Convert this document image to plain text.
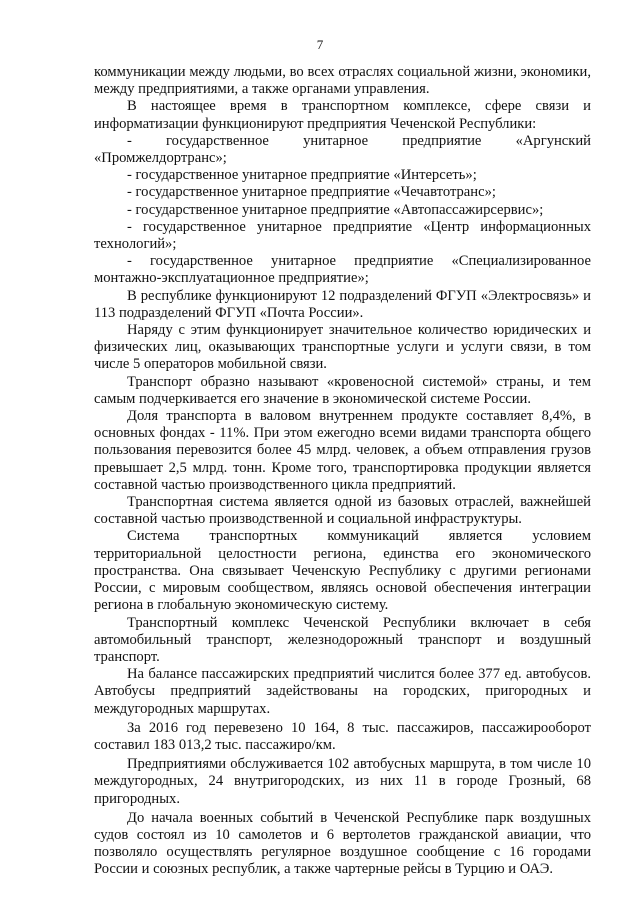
7

коммуникации между людьми, во всех отраслях социальной жизни, экономики, между предприятиями, а также органами управления.

В настоящее время в транспортном комплексе, сфере связи и информатизации функционируют предприятия Чеченской Республики:

- государственное унитарное предприятие «Аргунский «Промжелдортранс»;

- государственное унитарное предприятие «Интерсеть»;

- государственное унитарное предприятие «Чечавтотранс»;

- государственное унитарное предприятие «Автопассажирсервис»;

- государственное унитарное предприятие «Центр информационных технологий»;

- государственное унитарное предприятие «Специализированное монтажно-эксплуатационное предприятие»;

В республике функционируют 12 подразделений ФГУП «Электросвязь» и 113 подразделений ФГУП «Почта России».

Наряду с этим функционирует значительное количество юридических и физических лиц, оказывающих транспортные услуги и услуги связи, в том числе 5 операторов мобильной связи.

Транспорт образно называют «кровеносной системой» страны, и тем самым подчеркивается его значение в экономической системе России.

Доля транспорта в валовом внутреннем продукте составляет 8,4%, в основных фондах - 11%. При этом ежегодно всеми видами транспорта общего пользования перевозится более 45 млрд. человек, а объем отправления грузов превышает 2,5 млрд. тонн. Кроме того, транспортировка продукции является составной частью производственного цикла предприятий.

Транспортная система является одной из базовых отраслей, важнейшей составной частью производственной и социальной инфраструктуры.

Система транспортных коммуникаций является условием территориальной целостности региона, единства его экономического пространства. Она связывает Чеченскую Республику с другими регионами России, с мировым сообществом, являясь основой обеспечения интеграции региона в глобальную экономическую систему.

Транспортный комплекс Чеченской Республики включает в себя автомобильный транспорт, железнодорожный транспорт и воздушный транспорт.

На балансе пассажирских предприятий числится более 377 ед. автобусов. Автобусы предприятий задействованы на городских, пригородных и междугородных маршрутах.

За 2016 год перевезено 10 164, 8 тыс. пассажиров, пассажирооборот составил 183 013,2 тыс. пассажиро/км.

Предприятиями обслуживается 102 автобусных маршрута, в том числе 10 междугородных, 24 внутригородских, из них 11 в городе Грозный, 68 пригородных.

До начала военных событий в Чеченской Республике парк воздушных судов состоял из 10 самолетов и 6 вертолетов гражданской авиации, что позволяло осуществлять регулярное воздушное сообщение с 16 городами России и союзных республик, а также чартерные рейсы в Турцию и ОАЭ.
